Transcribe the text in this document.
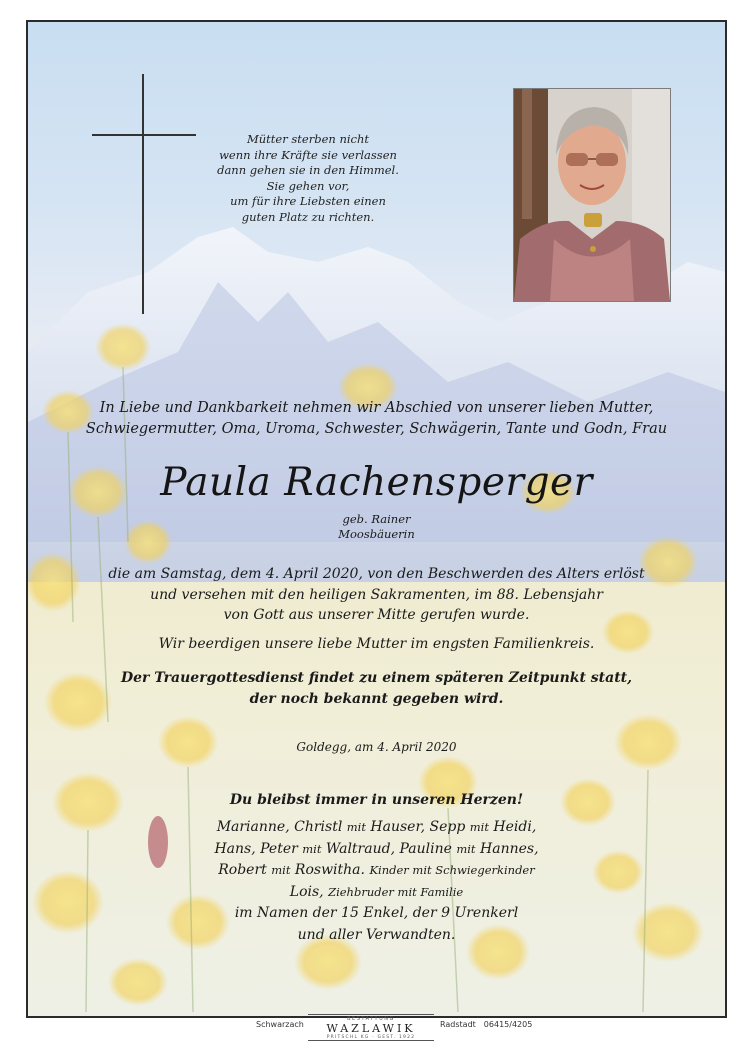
Mütter sterben nicht
wenn ihre Kräfte sie verlassen
dann gehen sie in den Himmel.
Sie gehen vor,
um für ihre Liebsten einen
guten Platz zu richten.
In Liebe und Dankbarkeit nehmen wir Abschied von unserer lieben Mutter,
Schwiegermutter, Oma, Uroma, Schwester, Schwägerin, Tante und Godn, Frau
Paula Rachensperger
geb. Rainer
Moosbäuerin
die am Samstag, dem 4. April 2020, von den Beschwerden des Alters erlöst
und versehen mit den heiligen Sakramenten, im 88. Lebensjahr
von Gott aus unserer Mitte gerufen wurde.
Wir beerdigen unsere liebe Mutter im engsten Familienkreis.
Der Trauergottesdienst findet zu einem späteren Zeitpunkt statt,
der noch bekannt gegeben wird.
Goldegg, am 4. April 2020
Du bleibst immer in unseren Herzen!
Marianne, Christl mit Hauser, Sepp mit Heidi,
Hans, Peter mit Waltraud, Pauline mit Hannes,
Robert mit Roswitha. Kinder mit Schwiegerkinder
Lois, Ziehbruder mit Familie
im Namen der 15 Enkel, der 9 Urenkerl
und aller Verwandten.
Schwarzach
BESTATTUNG
WAZLAWIK
PRITSCHL KG · GEST. 1922
Radstadt 06415/4205
